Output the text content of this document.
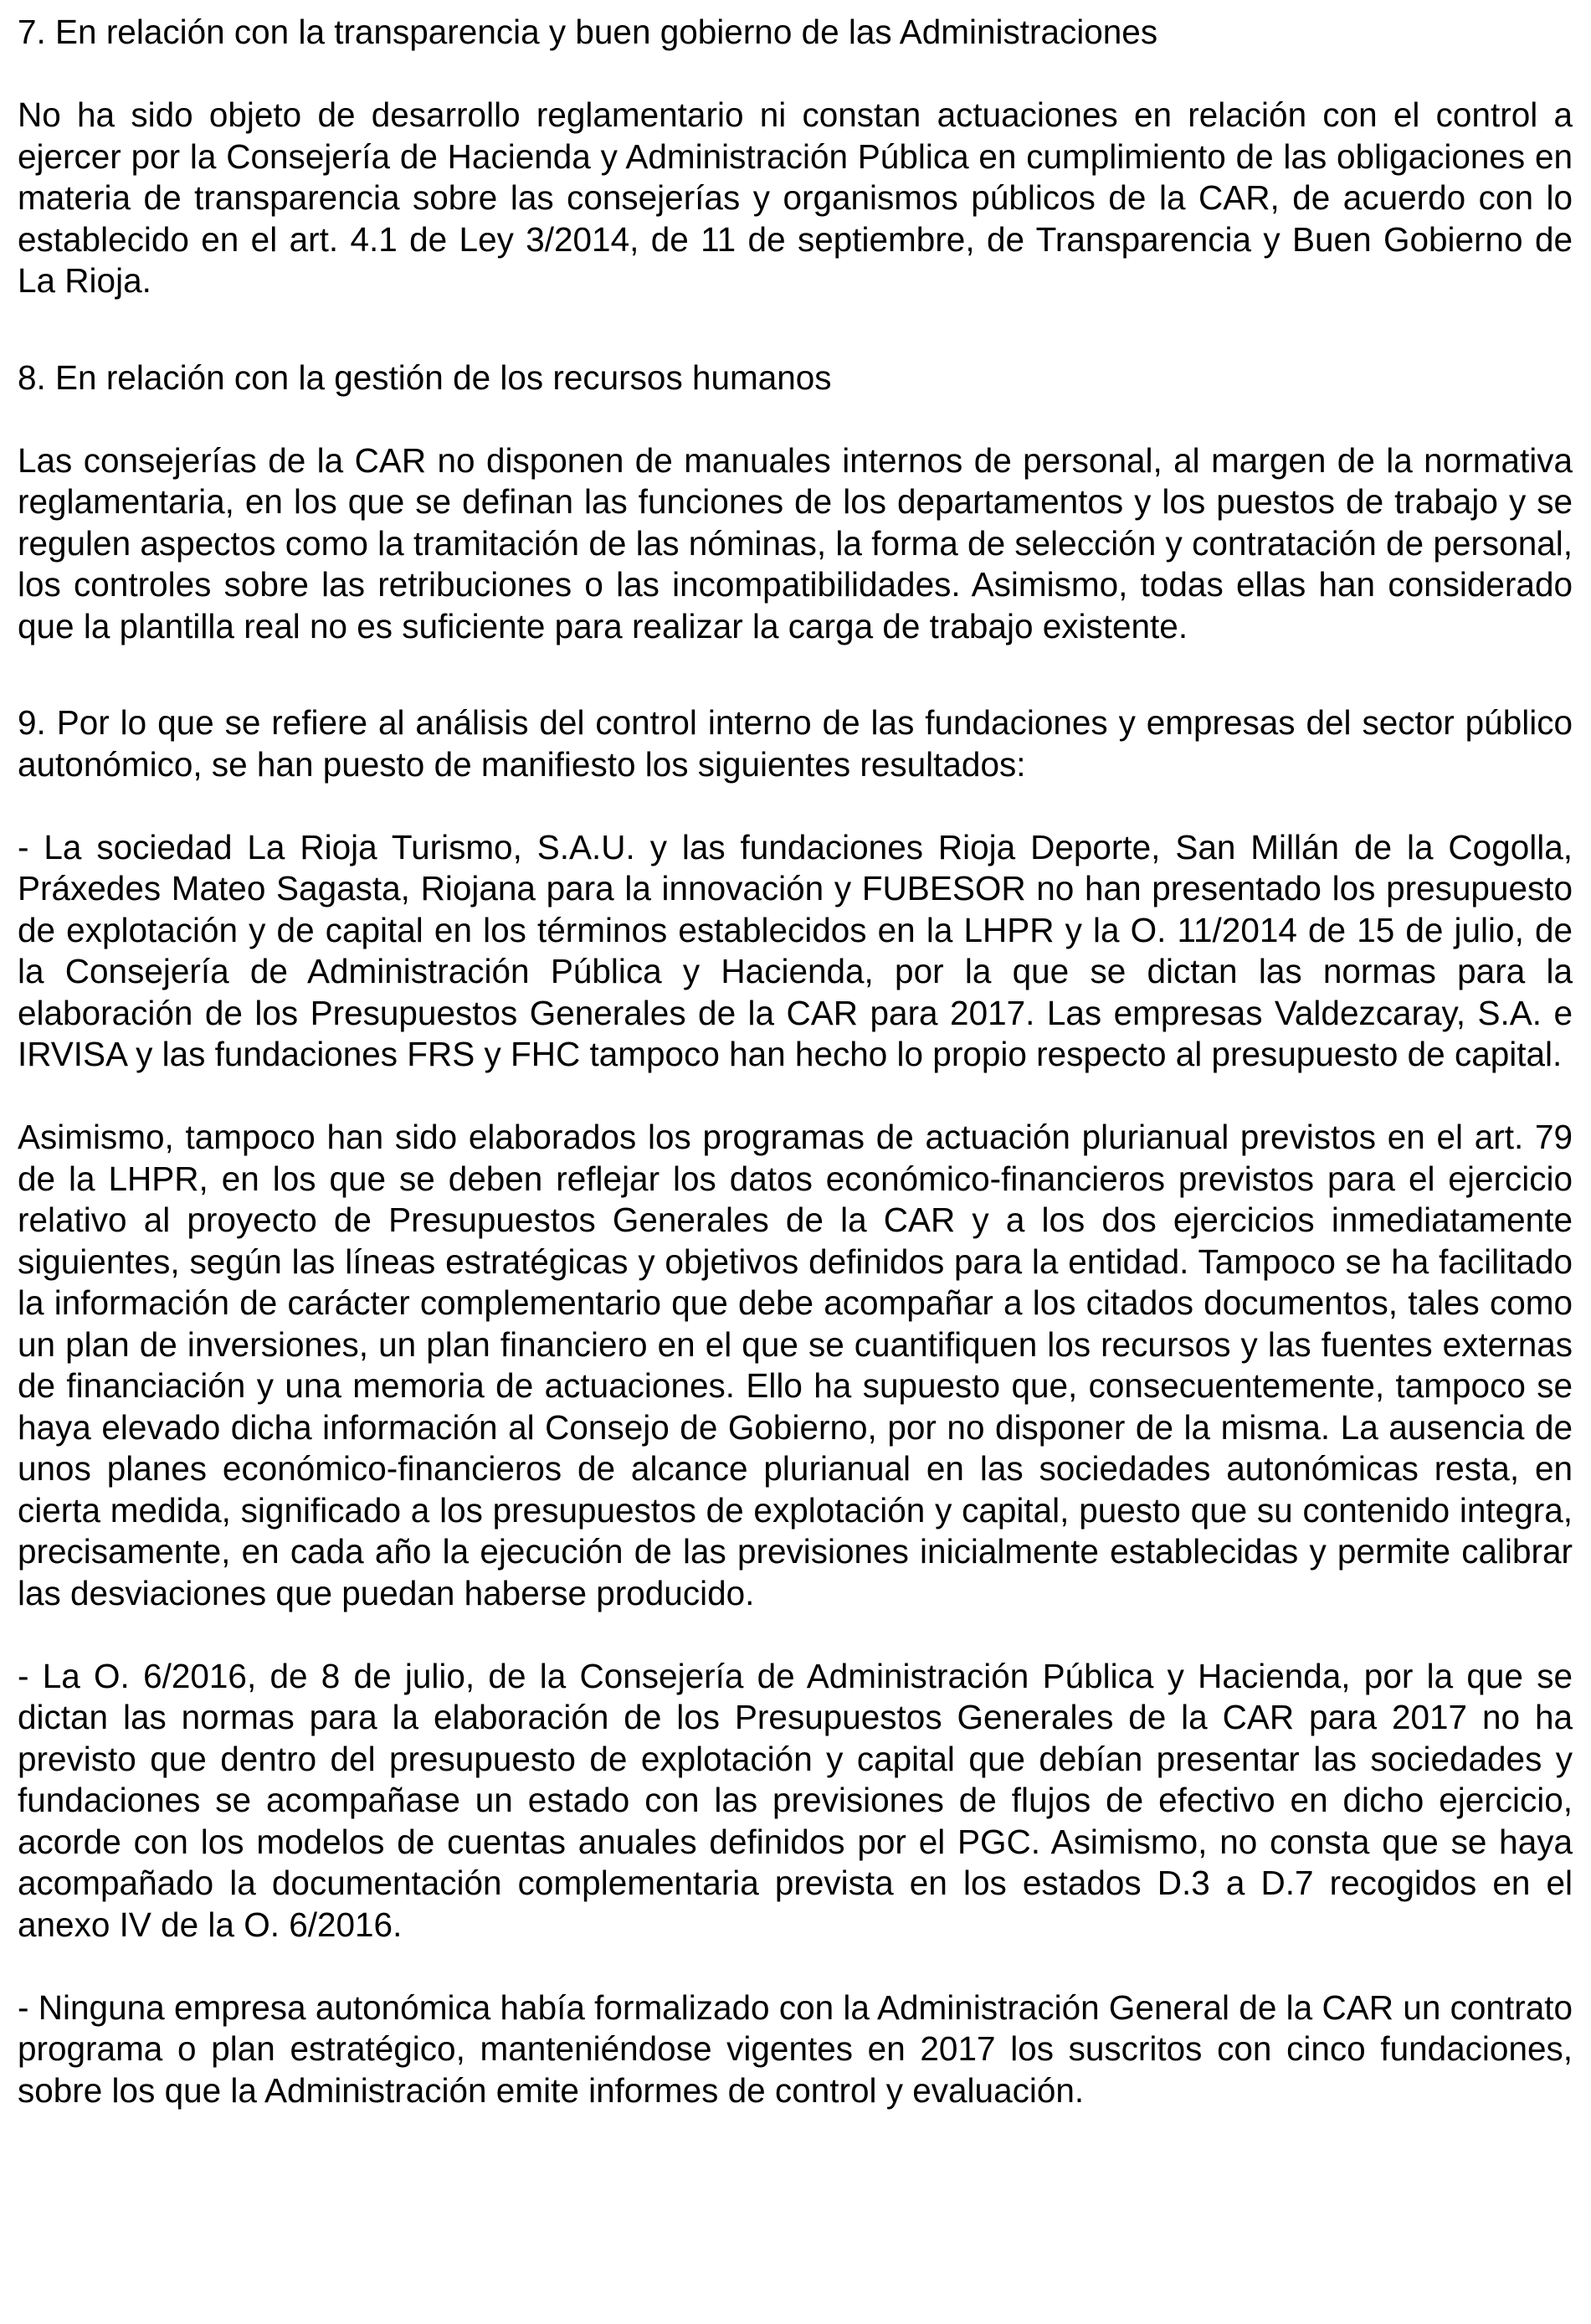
7. En relación con la transparencia y buen gobierno de las Administraciones

No ha sido objeto de desarrollo reglamentario ni constan actuaciones en relación con el control a ejercer por la Consejería de Hacienda y Administración Pública en cumplimiento de las obligaciones en materia de transparencia sobre las consejerías y organismos públicos de la CAR, de acuerdo con lo establecido en el art. 4.1 de Ley 3/2014, de 11 de septiembre, de Transparencia y Buen Gobierno de La Rioja.

8. En relación con la gestión de los recursos humanos

Las consejerías de la CAR no disponen de manuales internos de personal, al margen de la normativa reglamentaria, en los que se definan las funciones de los departamentos y los puestos de trabajo y se regulen aspectos como la tramitación de las nóminas, la forma de selección y contratación de personal, los controles sobre las retribuciones o las incompatibilidades. Asimismo, todas ellas han considerado que la plantilla real no es suficiente para realizar la carga de trabajo existente.

9. Por lo que se refiere al análisis del control interno de las fundaciones y empresas del sector público autonómico, se han puesto de manifiesto los siguientes resultados:

- La sociedad La Rioja Turismo, S.A.U. y las fundaciones Rioja Deporte, San Millán de la Cogolla, Práxedes Mateo Sagasta, Riojana para la innovación y FUBESOR no han presentado los presupuesto de explotación y de capital en los términos establecidos en la LHPR y la O. 11/2014 de 15 de julio, de la Consejería de Administración Pública y Hacienda, por la que se dictan las normas para la elaboración de los Presupuestos Generales de la CAR para 2017. Las empresas Valdezcaray, S.A. e IRVISA y las fundaciones FRS y FHC tampoco han hecho lo propio respecto al presupuesto de capital.

Asimismo, tampoco han sido elaborados los programas de actuación plurianual previstos en el art. 79 de la LHPR, en los que se deben reflejar los datos económico-financieros previstos para el ejercicio relativo al proyecto de Presupuestos Generales de la CAR y a los dos ejercicios inmediatamente siguientes, según las líneas estratégicas y objetivos definidos para la entidad. Tampoco se ha facilitado la información de carácter complementario que debe acompañar a los citados documentos, tales como un plan de inversiones, un plan financiero en el que se cuantifiquen los recursos y las fuentes externas de financiación y una memoria de actuaciones. Ello ha supuesto que, consecuentemente, tampoco se haya elevado dicha información al Consejo de Gobierno, por no disponer de la misma. La ausencia de unos planes económico-financieros de alcance plurianual en las sociedades autonómicas resta, en cierta medida, significado a los presupuestos de explotación y capital, puesto que su contenido integra, precisamente, en cada año la ejecución de las previsiones inicialmente establecidas y permite calibrar las desviaciones que puedan haberse producido.

- La O. 6/2016, de 8 de julio, de la Consejería de Administración Pública y Hacienda, por la que se dictan las normas para la elaboración de los Presupuestos Generales de la CAR para 2017 no ha previsto que dentro del presupuesto de explotación y capital que debían presentar las sociedades y fundaciones se acompañase un estado con las previsiones de flujos de efectivo en dicho ejercicio, acorde con los modelos de cuentas anuales definidos por el PGC. Asimismo, no consta que se haya acompañado la documentación complementaria prevista en los estados D.3 a D.7 recogidos en el anexo IV de la O. 6/2016.

- Ninguna empresa autonómica había formalizado con la Administración General de la CAR un contrato programa o plan estratégico, manteniéndose vigentes en 2017 los suscritos con cinco fundaciones, sobre los que la Administración emite informes de control y evaluación.
